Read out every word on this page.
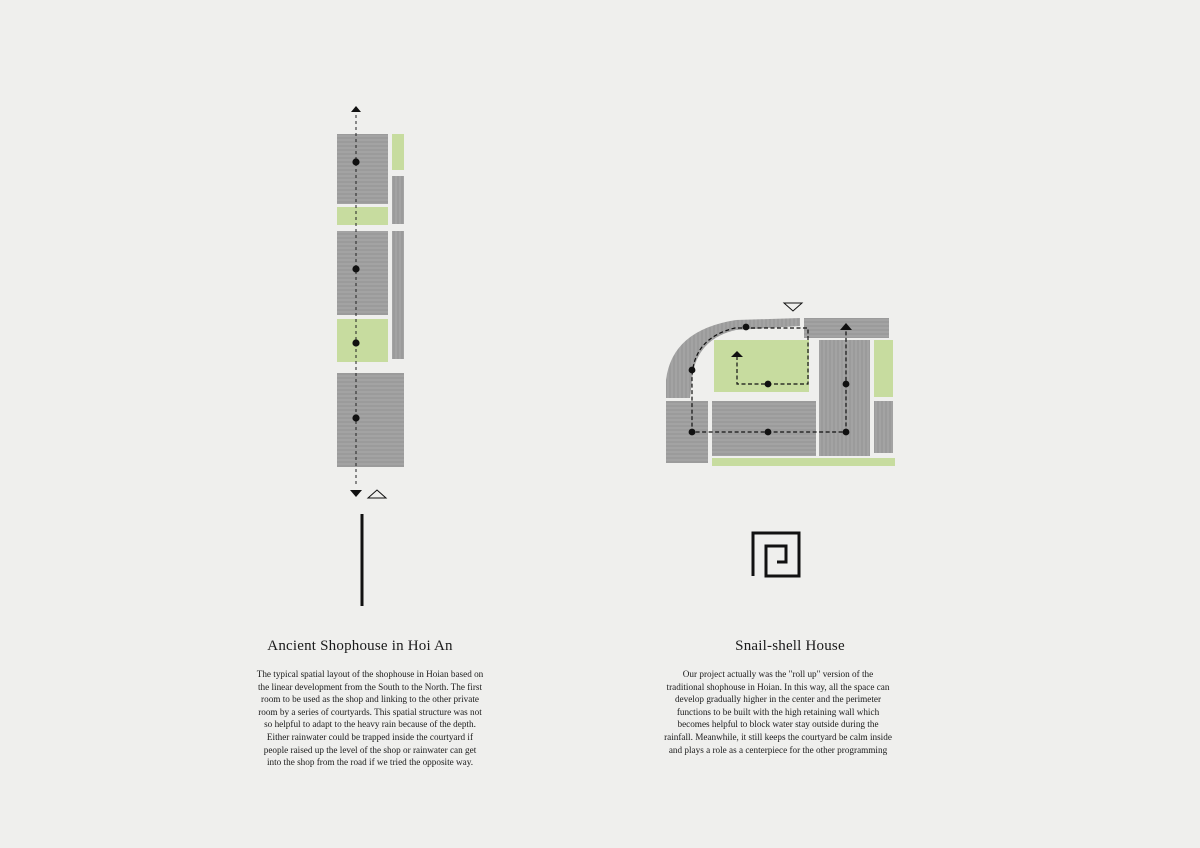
Ancient Shophouse in Hoi An
The typical spatial layout of the shophouse in Hoian based on
the linear development from the South to the North. The first
room to be used as the shop and linking to the other private
room by a series of courtyards. This spatial structure was not
so helpful to adapt to the heavy rain because of the depth.
Either rainwater could be trapped inside the courtyard if
people raised up the level of the shop or rainwater can get
into the shop from the road if we tried the opposite way.
Snail-shell House
Our project actually was the "roll up" version of the
traditional shophouse in Hoian. In this way, all the space can
develop gradually higher in the center and the perimeter
functions to be built with the high retaining wall which
becomes helpful to block water stay outside during the
rainfall. Meanwhile, it still keeps the courtyard be calm inside
and plays a role as a centerpiece for the other programming
